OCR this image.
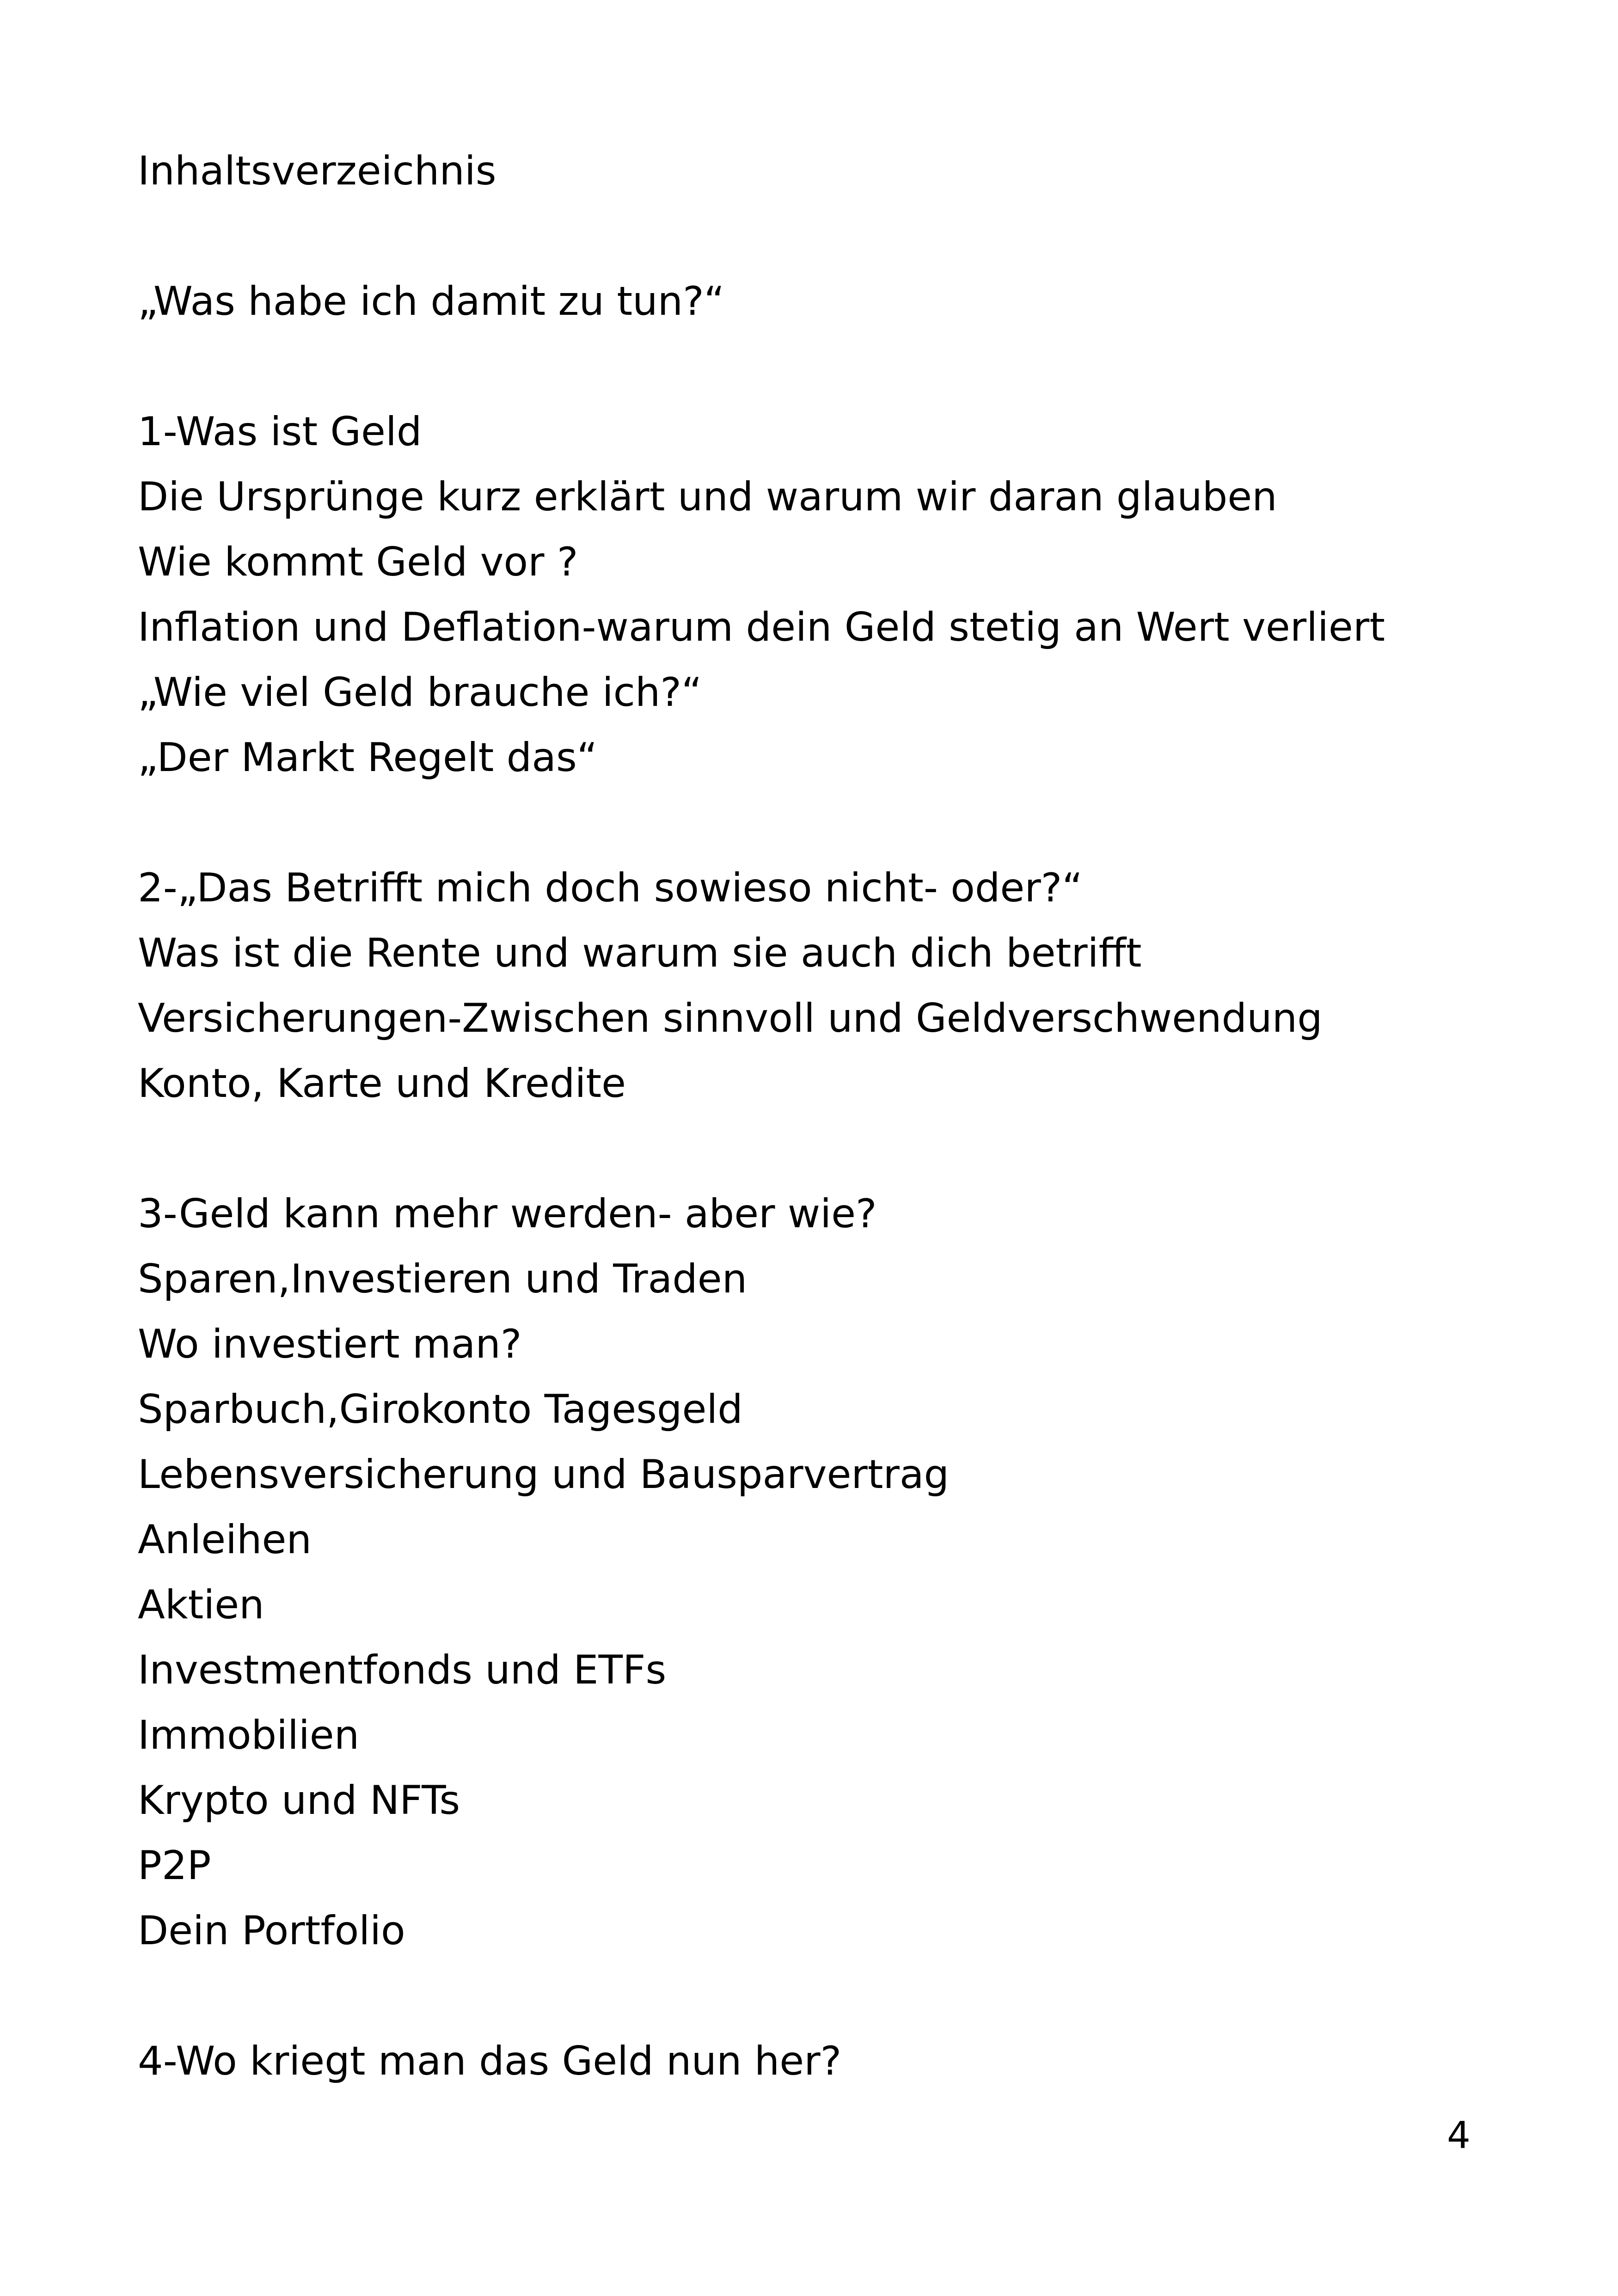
Inhaltsverzeichnis
„Was habe ich damit zu tun?“
1-Was ist Geld
Die Ursprünge kurz erklärt und warum wir daran glauben
Wie kommt Geld vor ?
Inflation und Deflation-warum dein Geld stetig an Wert verliert
„Wie viel Geld brauche ich?“
„Der Markt Regelt das“
2-„Das Betrifft mich doch sowieso nicht- oder?“
Was ist die Rente und warum sie auch dich betrifft
Versicherungen-Zwischen sinnvoll und Geldverschwendung
Konto, Karte und Kredite
3-Geld kann mehr werden- aber wie?
Sparen,Investieren und Traden
Wo investiert man?
Sparbuch,Girokonto Tagesgeld
Lebensversicherung und Bausparvertrag
Anleihen
Aktien
Investmentfonds und ETFs
Immobilien
Krypto und NFTs
P2P
Dein Portfolio
4-Wo kriegt man das Geld nun her?
4
